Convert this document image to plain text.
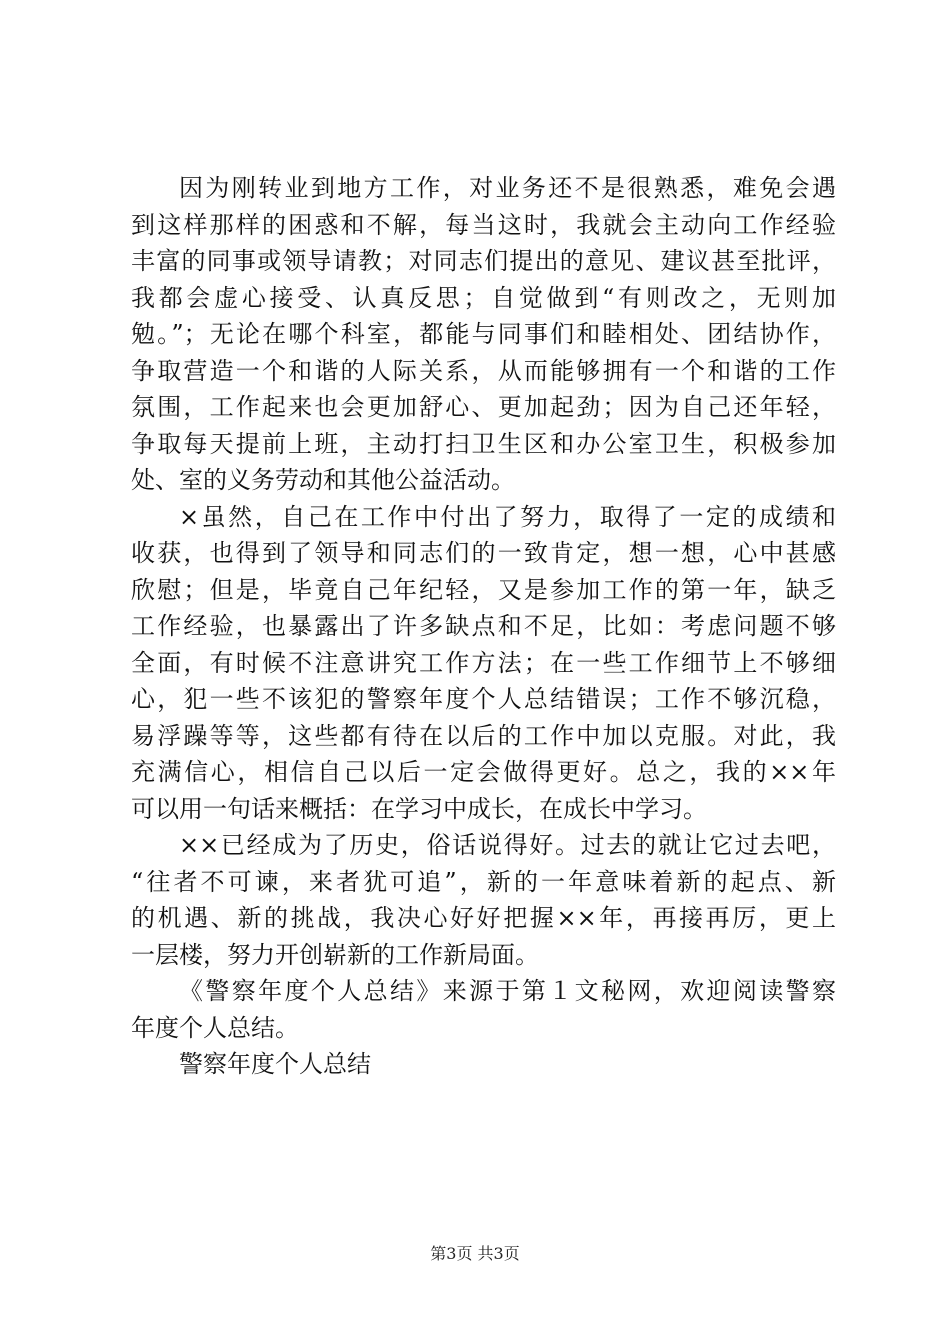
因为刚转业到地方工作，对业务还不是很熟悉，难免会遇
到这样那样的困惑和不解，每当这时，我就会主动向工作经验
丰富的同事或领导请教；对同志们提出的意见、建议甚至批评，
我都会虚心接受、认真反思；自觉做到“有则改之，无则加
勉。”；无论在哪个科室，都能与同事们和睦相处、团结协作，
争取营造一个和谐的人际关系，从而能够拥有一个和谐的工作
氛围，工作起来也会更加舒心、更加起劲；因为自己还年轻，
争取每天提前上班，主动打扫卫生区和办公室卫生，积极参加
处、室的义务劳动和其他公益活动。
×虽然，自己在工作中付出了努力，取得了一定的成绩和
收获，也得到了领导和同志们的一致肯定，想一想，心中甚感
欣慰；但是，毕竟自己年纪轻，又是参加工作的第一年，缺乏
工作经验，也暴露出了许多缺点和不足，比如：考虑问题不够
全面，有时候不注意讲究工作方法；在一些工作细节上不够细
心，犯一些不该犯的警察年度个人总结错误；工作不够沉稳，
易浮躁等等，这些都有待在以后的工作中加以克服。对此，我
充满信心，相信自己以后一定会做得更好。总之，我的××年
可以用一句话来概括：在学习中成长，在成长中学习。
××已经成为了历史，俗话说得好。过去的就让它过去吧，
“往者不可谏，来者犹可追”，新的一年意味着新的起点、新
的机遇、新的挑战，我决心好好把握××年，再接再厉，更上
一层楼，努力开创崭新的工作新局面。
《警察年度个人总结》来源于第１文秘网，欢迎阅读警察
年度个人总结。
警察年度个人总结
第3页 共3页
